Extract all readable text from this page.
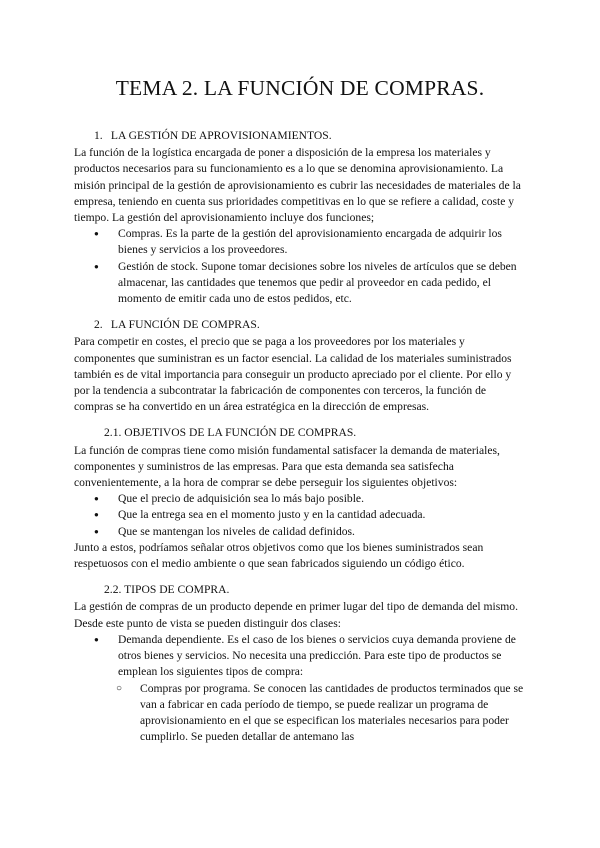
TEMA 2. LA FUNCIÓN DE COMPRAS.
1. LA GESTIÓN DE APROVISIONAMIENTOS.

La función de la logística encargada de poner a disposición de la empresa los materiales y productos necesarios para su funcionamiento es a lo que se denomina aprovisionamiento. La misión principal de la gestión de aprovisionamiento es cubrir las necesidades de materiales de la empresa, teniendo en cuenta sus prioridades competitivas en lo que se refiere a calidad, coste y tiempo. La gestión del aprovisionamiento incluye dos funciones;

● Compras. Es la parte de la gestión del aprovisionamiento encargada de adquirir los bienes y servicios a los proveedores.
● Gestión de stock. Supone tomar decisiones sobre los niveles de artículos que se deben almacenar, las cantidades que tenemos que pedir al proveedor en cada pedido, el momento de emitir cada uno de estos pedidos, etc.
2. LA FUNCIÓN DE COMPRAS.

Para competir en costes, el precio que se paga a los proveedores por los materiales y componentes que suministran es un factor esencial. La calidad de los materiales suministrados también es de vital importancia para conseguir un producto apreciado por el cliente. Por ello y por la tendencia a subcontratar la fabricación de componentes con terceros, la función de compras se ha convertido en un área estratégica en la dirección de empresas.

2.1. OBJETIVOS DE LA FUNCIÓN DE COMPRAS.

La función de compras tiene como misión fundamental satisfacer la demanda de materiales, componentes y suministros de las empresas. Para que esta demanda sea satisfecha convenientemente, a la hora de comprar se debe perseguir los siguientes objetivos:

● Que el precio de adquisición sea lo más bajo posible.
● Que la entrega sea en el momento justo y en la cantidad adecuada.
● Que se mantengan los niveles de calidad definidos.

Junto a estos, podríamos señalar otros objetivos como que los bienes suministrados sean respetuosos con el medio ambiente o que sean fabricados siguiendo un código ético.

2.2. TIPOS DE COMPRA.

La gestión de compras de un producto depende en primer lugar del tipo de demanda del mismo. Desde este punto de vista se pueden distinguir dos clases:

● Demanda dependiente. Es el caso de los bienes o servicios cuya demanda proviene de otros bienes y servicios. No necesita una predicción. Para este tipo de productos se emplean los siguientes tipos de compra:
○ Compras por programa. Se conocen las cantidades de productos terminados que se van a fabricar en cada período de tiempo, se puede realizar un programa de aprovisionamiento en el que se especifican los materiales necesarios para poder cumplirlo. Se pueden detallar de antemano las
